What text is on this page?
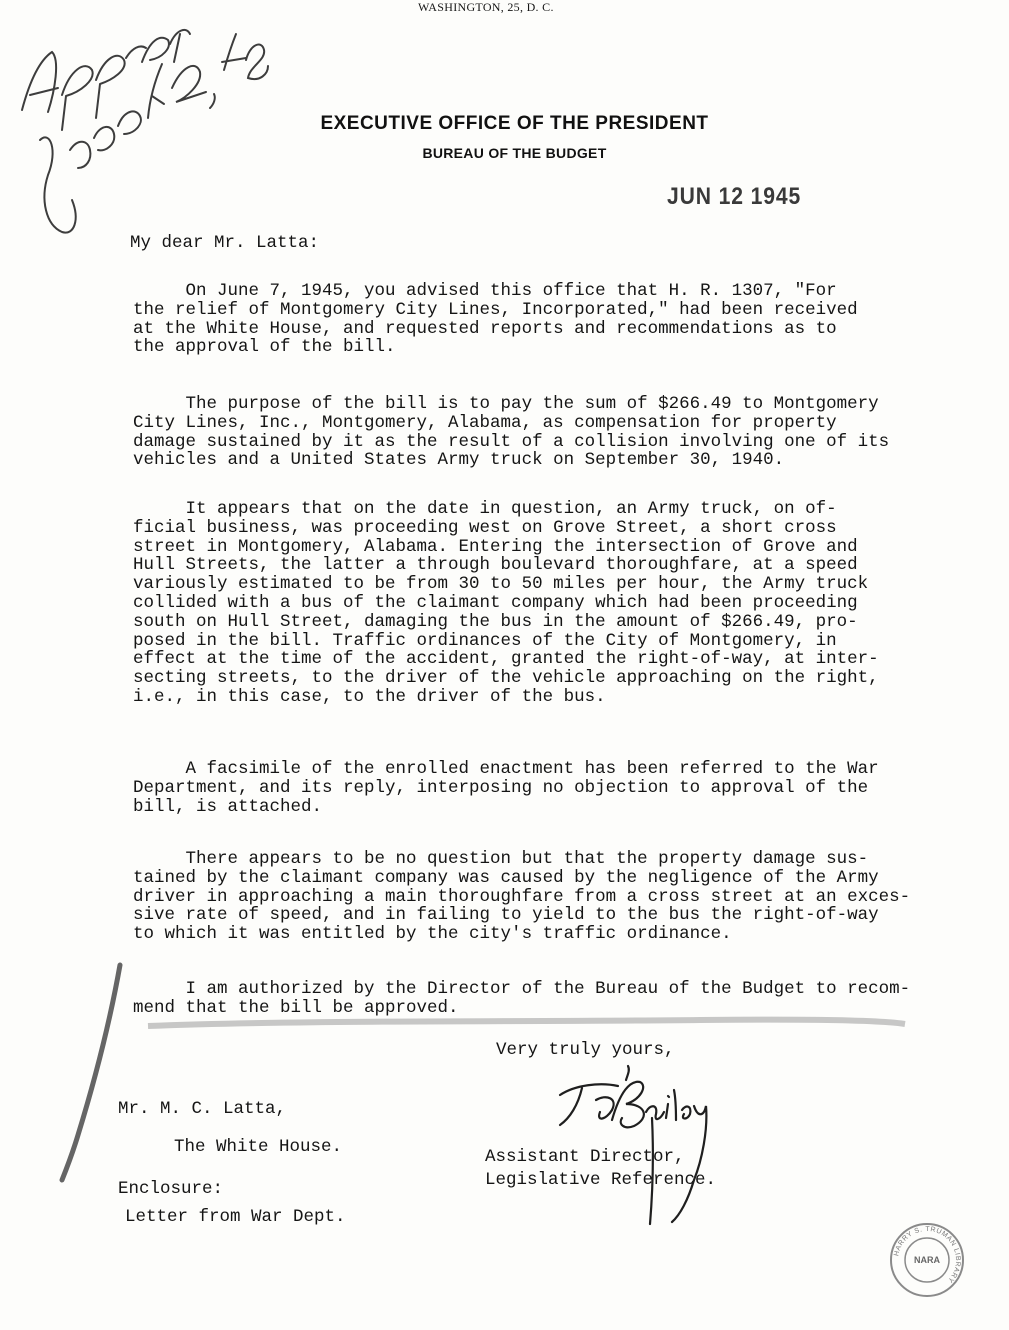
EXECUTIVE OFFICE OF THE PRESIDENT
BUREAU OF THE BUDGET
WASHINGTON, 25, D. C.
JUN 12 1945
My dear Mr. Latta:
On June 7, 1945, you advised this office that H. R. 1307, "For
the relief of Montgomery City Lines, Incorporated," had been received
at the White House, and requested reports and recommendations as to
the approval of the bill.
The purpose of the bill is to pay the sum of $266.49 to Montgomery
City Lines, Inc., Montgomery, Alabama, as compensation for property
damage sustained by it as the result of a collision involving one of its
vehicles and a United States Army truck on September 30, 1940.
It appears that on the date in question, an Army truck, on of-
ficial business, was proceeding west on Grove Street, a short cross
street in Montgomery, Alabama. Entering the intersection of Grove and
Hull Streets, the latter a through boulevard thoroughfare, at a speed
variously estimated to be from 30 to 50 miles per hour, the Army truck
collided with a bus of the claimant company which had been proceeding
south on Hull Street, damaging the bus in the amount of $266.49, pro-
posed in the bill. Traffic ordinances of the City of Montgomery, in
effect at the time of the accident, granted the right-of-way, at inter-
secting streets, to the driver of the vehicle approaching on the right,
i.e., in this case, to the driver of the bus.
A facsimile of the enrolled enactment has been referred to the War
Department, and its reply, interposing no objection to approval of the
bill, is attached.
There appears to be no question but that the property damage sus-
tained by the claimant company was caused by the negligence of the Army
driver in approaching a main thoroughfare from a cross street at an exces-
sive rate of speed, and in failing to yield to the bus the right-of-way
to which it was entitled by the city's traffic ordinance.
I am authorized by the Director of the Bureau of the Budget to recom-
mend that the bill be approved.
Very truly yours,
Mr. M. C. Latta,
The White House.
Enclosure:
Letter from War Dept.
Assistant Director,
Legislative Reference.
HARRY S. TRUMAN LIBRARY
NARA
